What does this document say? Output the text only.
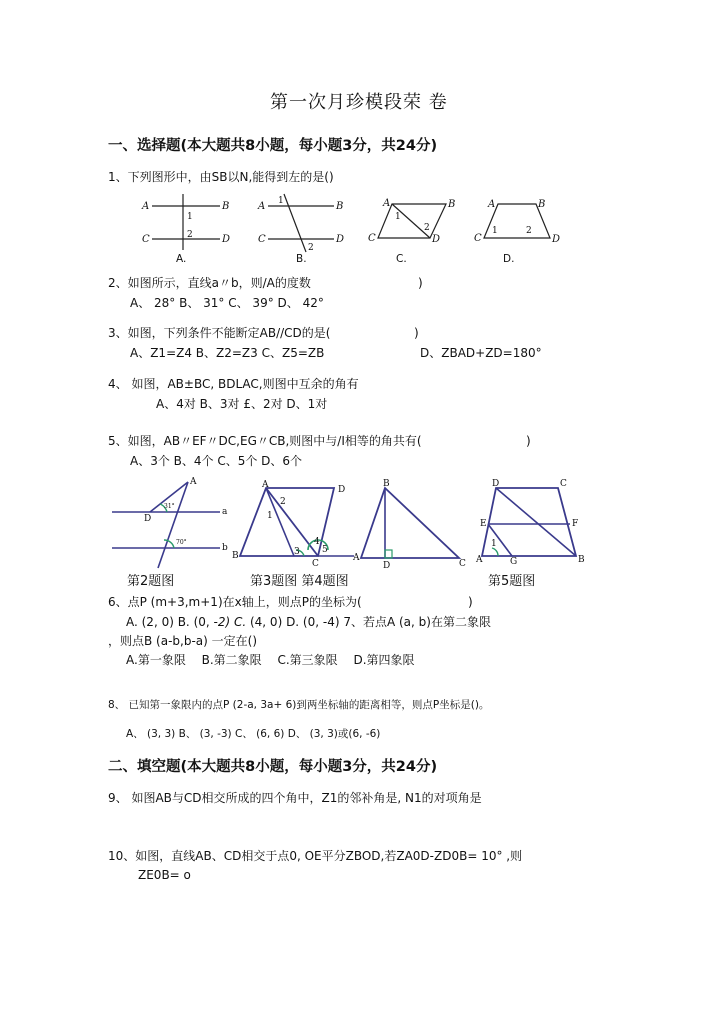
第一次月珍模段荣 卷
一、选择题(本大题共8小题，每小题3分，共24分)
1、下列图形中，由SB以N,能得到左的是()
A	B
C	D
1
2
A.
A	B
C	D
1
2
B.
A	B
C	D
1
2
C.
A	B
C	D
1	2
D.
2、如图所示，直线a〃b，则/A的度数	)
A、 28° B、 31° C、 39° D、 42°
3、如图，下列条件不能断定AB//CD的是(	)
A、Z1=Z4 B、Z2=Z3 C、Z5=ZB	D、ZBAD+ZD=180°
4、 如图，AB±BC, BDLAC,则图中互余的角有
A、4对 B、3对 £、2对 D、1对
5、如图，AB〃EF〃DC,EG〃CB,则图中与/I相等的角共有(	)
A、3个 B、4个 C、5个 D、6个
A
D
a
b
31°
70°
A	D
B
C
1
2
3
4
5
B
A
D	C
D	C
E	F
A	G	B
1
第2题图	第3题图 第4题图	第5题图
6、点P (m+3,m+1)在x轴上，则点P的坐标为(	)
A. (2, 0) B. (0, -2) C. (4, 0) D. (0, -4) 7、若点A (a, b)在第二象限
，则点B (a-b,b-a) 一定在()
A.第一象限　 B.第二象限　 C.第三象限　 D.第四象限
8、 已知第一象限内的点P (2-a, 3a+ 6)到两坐标轴的距离相等，则点P坐标是()。
A、 (3, 3) B、 (3, -3) C、 (6, 6) D、 (3, 3)或(6, -6)
二、填空题(本大题共8小题，每小题3分，共24分)
9、 如图AB与CD相交所成的四个角中，Z1的邻补角是, N1的对项角是
10、如图，直线AB、CD相交于点0, OE平分ZBOD,若ZA0D-ZD0B= 10° ,则
ZE0B= o
